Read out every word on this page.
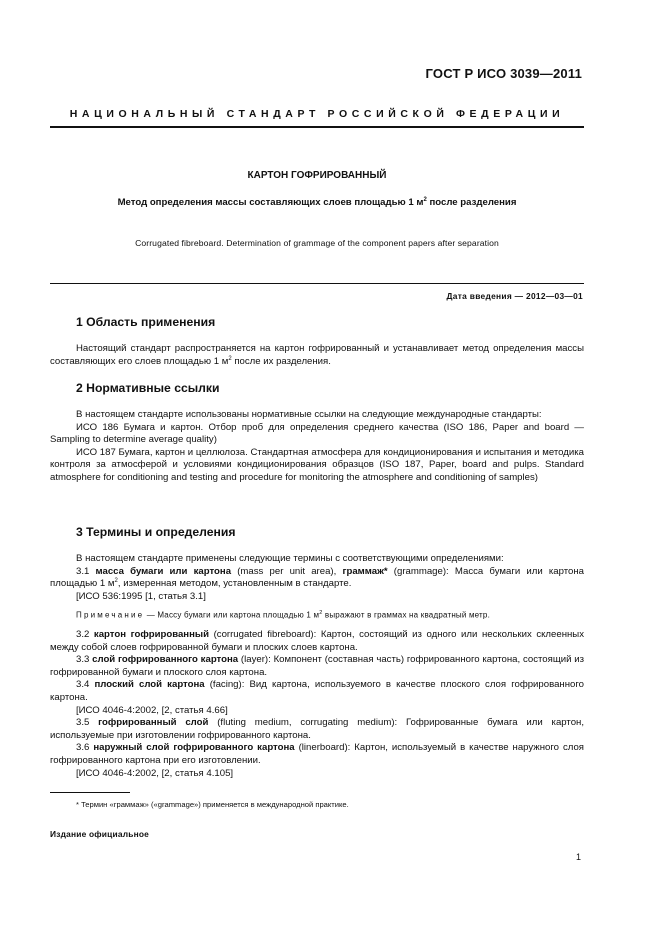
ГОСТ Р ИСО 3039—2011
НАЦИОНАЛЬНЫЙ СТАНДАРТ РОССИЙСКОЙ ФЕДЕРАЦИИ
КАРТОН ГОФРИРОВАННЫЙ
Метод определения массы составляющих слоев площадью 1 $м^2$ после разделения
Corrugated fibreboard. Determination of grammage of the component papers after separation
Дата введения — 2012—03—01
1 Область применения

Настоящий стандарт распространяется на картон гофрированный и устанавливает метод определения массы составляющих его слоев площадью 1 $м^2$ после их разделения.

2 Нормативные ссылки

В настоящем стандарте использованы нормативные ссылки на следующие международные стандарты:

ИСО 186 Бумага и картон. Отбор проб для определения среднего качества (ISO 186, Paper and board — Sampling to determine average quality)

ИСО 187 Бумага, картон и целлюлоза. Стандартная атмосфера для кондиционирования и испытания и методика контроля за атмосферой и условиями кондиционирования образцов (ISO 187, Paper, board and pulps. Standard atmosphere for conditioning and testing and procedure for monitoring the atmosphere and conditioning of samples)

3 Термины и определения

В настоящем стандарте применены следующие термины с соответствующими определениями:

3.1 масса бумаги или картона (mass per unit area), граммаж* (grammage): Масса бумаги или картона площадью 1 $м^2$, измеренная методом, установленным в стандарте.

[ИСО 536:1995 [1, статья 3.1]

Примечание — Массу бумаги или картона площадью 1 $м^2$ выражают в граммах на квадратный метр.

3.2 картон гофрированный (corrugated fibreboard): Картон, состоящий из одного или нескольких склеенных между собой слоев гофрированной бумаги и плоских слоев картона.

3.3 слой гофрированного картона (layer): Компонент (составная часть) гофрированного картона, состоящий из гофрированной бумаги и плоского слоя картона.

3.4 плоский слой картона (facing): Вид картона, используемого в качестве плоского слоя гофрированного картона.

[ИСО 4046-4:2002, [2, статья 4.66]

3.5 гофрированный слой (fluting medium, corrugating medium): Гофрированные бумага или картон, используемые при изготовлении гофрированного картона.

3.6 наружный слой гофрированного картона (linerboard): Картон, используемый в качестве наружного слоя гофрированного картона при его изготовлении.

[ИСО 4046-4:2002, [2, статья 4.105]

* Термин «граммаж» («grammage») применяется в международной практике.
Издание официальное
1
